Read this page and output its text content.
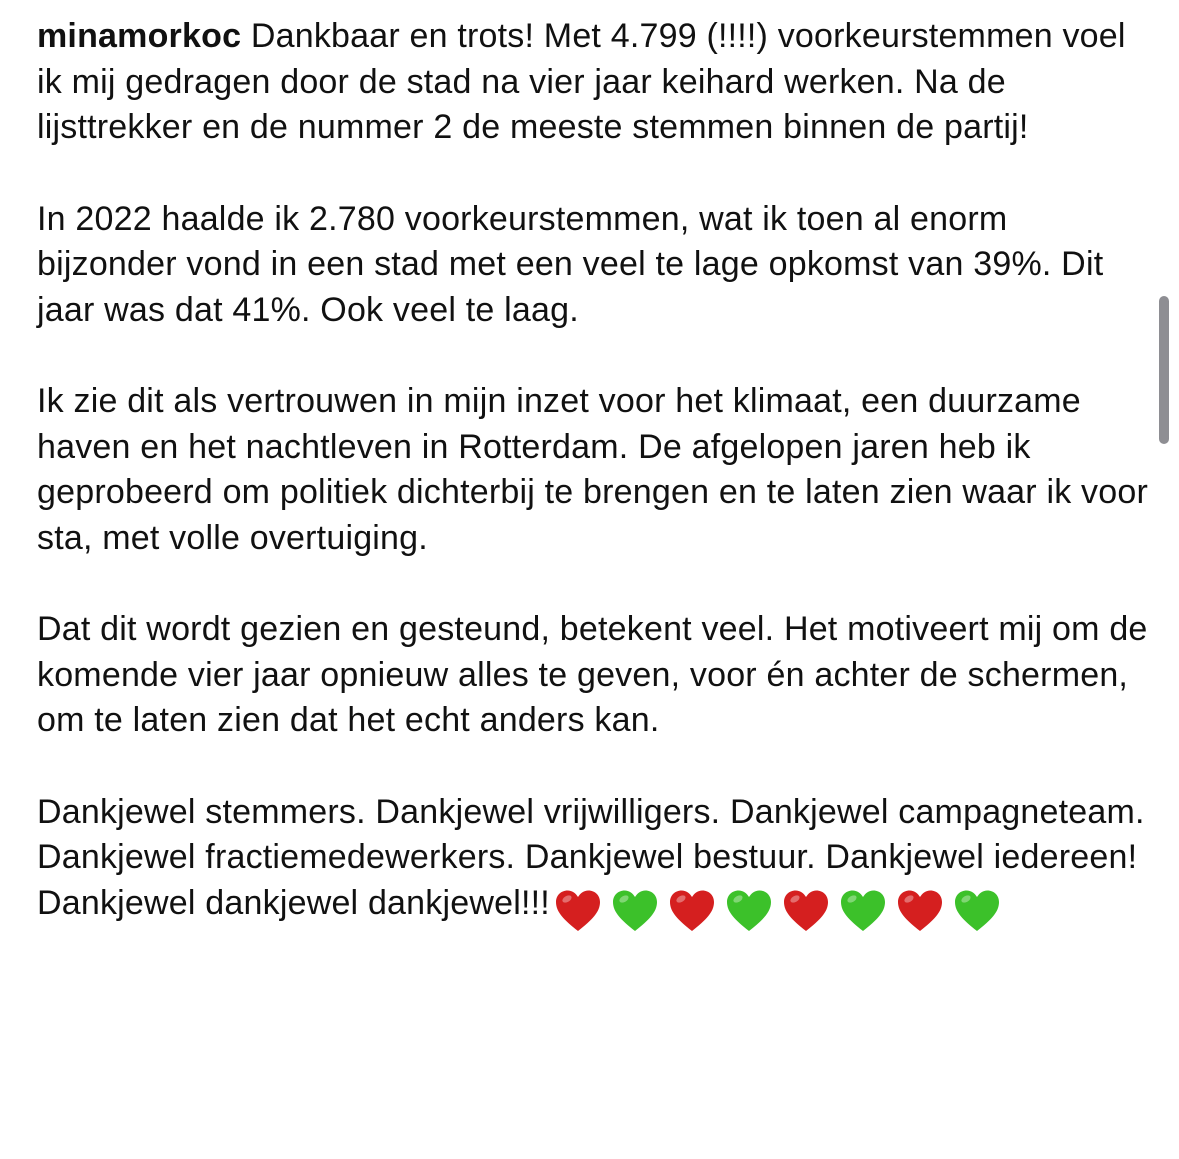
minamorkoc Dankbaar en trots! Met 4.799 (!!!!) voorkeurstemmen voel ik mij gedragen door de stad na vier jaar keihard werken. Na de lijsttrekker en de nummer 2 de meeste stemmen binnen de partij!

In 2022 haalde ik 2.780 voorkeurstemmen, wat ik toen al enorm bijzonder vond in een stad met een veel te lage opkomst van 39%. Dit jaar was dat 41%. Ook veel te laag.

Ik zie dit als vertrouwen in mijn inzet voor het klimaat, een duurzame haven en het nachtleven in Rotterdam. De afgelopen jaren heb ik geprobeerd om politiek dichterbij te brengen en te laten zien waar ik voor sta, met volle overtuiging.

Dat dit wordt gezien en gesteund, betekent veel. Het motiveert mij om de komende vier jaar opnieuw alles te geven, voor én achter de schermen, om te laten zien dat het echt anders kan.

Dankjewel stemmers. Dankjewel vrijwilligers. Dankjewel campagneteam. Dankjewel fractiemedewerkers. Dankjewel bestuur. Dankjewel iedereen! Dankjewel dankjewel dankjewel!!!
